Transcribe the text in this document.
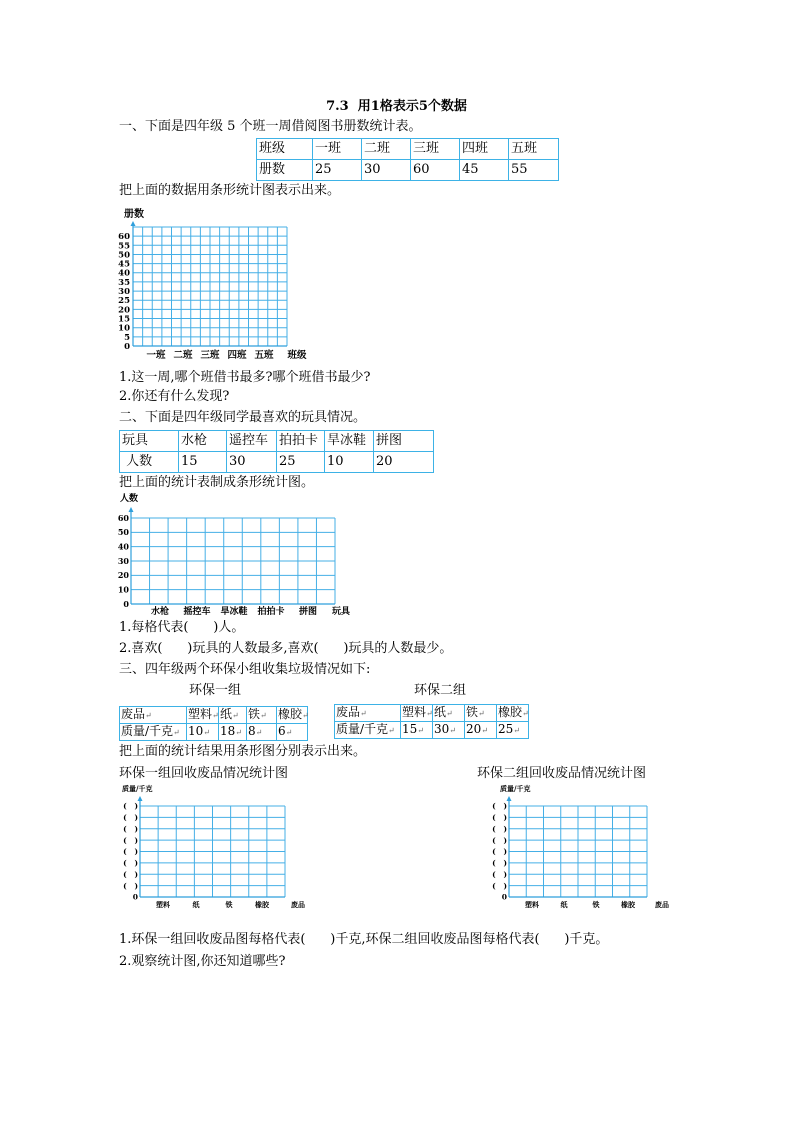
7.3  用1格表示5个数据
一、下面是四年级 5 个班一周借阅图书册数统计表。
班级	一班	二班	三班	四班	五班
册数	25	30	60	45	55
把上面的数据用条形统计图表示出来。
册数
0
5
10
15
20
25
30
35
40
45
50
55
60
一班 二班 三班 四班 五班 班级
1.这一周,哪个班借书最多?哪个班借书最少?
2.你还有什么发现?
二、下面是四年级同学最喜欢的玩具情况。
玩具	水枪	遥控车	拍拍卡	旱冰鞋	拼图
人数	15	30	25	10	20
把上面的统计表制成条形统计图。
人数
0
10
20
30
40
50
60
水枪 摇控车 旱冰鞋 拍拍卡 拼图 玩具
1.每格代表(      )人。
2.喜欢(      )玩具的人数最多,喜欢(      )玩具的人数最少。
三、四年级两个环保小组收集垃圾情况如下:
环保一组	环保二组
废品↵	塑料↵	纸↵	铁↵	橡胶↵
质量/千克↵	10↵	18↵	8↵	6↵
废品↵	塑料↵	纸↵	铁↵	橡胶↵
质量/千克↵	15↵	30↵	20↵	25↵
把上面的统计结果用条形图分别表示出来。
环保一组回收废品情况统计图	环保二组回收废品情况统计图
质量/千克
0
(   )
(   )
(   )
(   )
(   )
(   )
(   )
(   )
塑料	纸	铁	橡胶	废品
质量/千克
0
(   )
(   )
(   )
(   )
(   )
(   )
(   )
(   )
塑料	纸	铁	橡胶	废品
1.环保一组回收废品图每格代表(      )千克,环保二组回收废品图每格代表(      )千克。
2.观察统计图,你还知道哪些?
